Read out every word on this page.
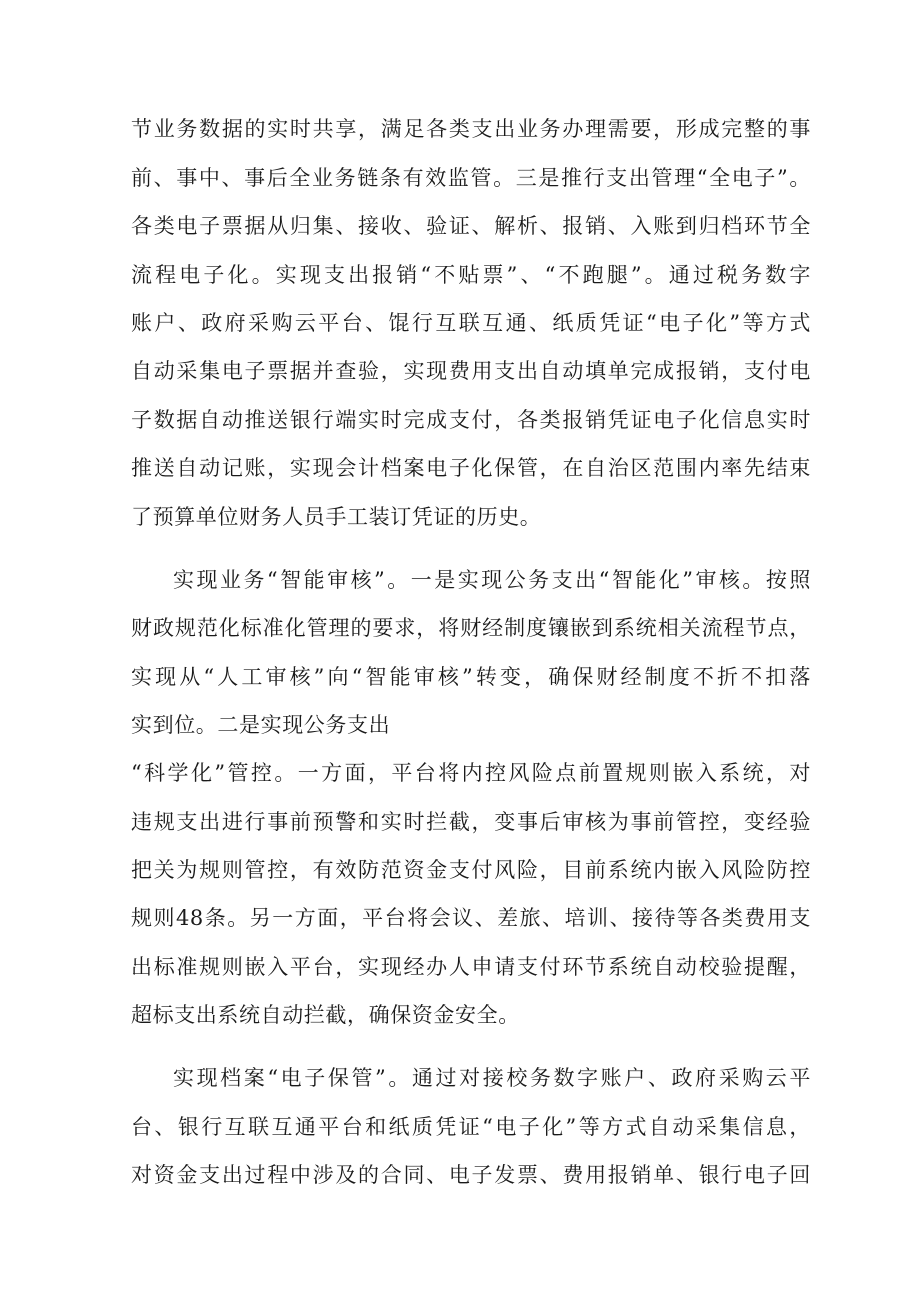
节业务数据的实时共享，满足各类支出业务办理需要，形成完整的事
前、事中、事后全业务链条有效监管。三是推行支出管理“全电子”。
各类电子票据从归集、接收、验证、解析、报销、入账到归档环节全
流程电子化。实现支出报销“不贴票”、“不跑腿”。通过税务数字
账户、政府采购云平台、馄行互联互通、纸质凭证“电子化”等方式
自动采集电子票据并查验，实现费用支出自动填单完成报销，支付电
子数据自动推送银行端实时完成支付，各类报销凭证电子化信息实时
推送自动记账，实现会计档案电子化保管，在自治区范围内率先结束
了预算单位财务人员手工装订凭证的历史。
实现业务“智能审核”。一是实现公务支出“智能化”审核。按照
财政规范化标准化管理的要求，将财经制度镶嵌到系统相关流程节点，
实现从“人工审核”向“智能审核”转变，确保财经制度不折不扣落
实到位。二是实现公务支出
“科学化”管控。一方面，平台将内控风险点前置规则嵌入系统，对
违规支出进行事前预警和实时拦截，变事后审核为事前管控，变经验
把关为规则管控，有效防范资金支付风险，目前系统内嵌入风险防控
规则48条。另一方面，平台将会议、差旅、培训、接待等各类费用支
出标准规则嵌入平台，实现经办人申请支付环节系统自动校验提醒，
超标支出系统自动拦截，确保资金安全。
实现档案“电子保管”。通过对接校务数字账户、政府采购云平
台、银行互联互通平台和纸质凭证“电子化”等方式自动采集信息，
对资金支出过程中涉及的合同、电子发票、费用报销单、银行电子回
